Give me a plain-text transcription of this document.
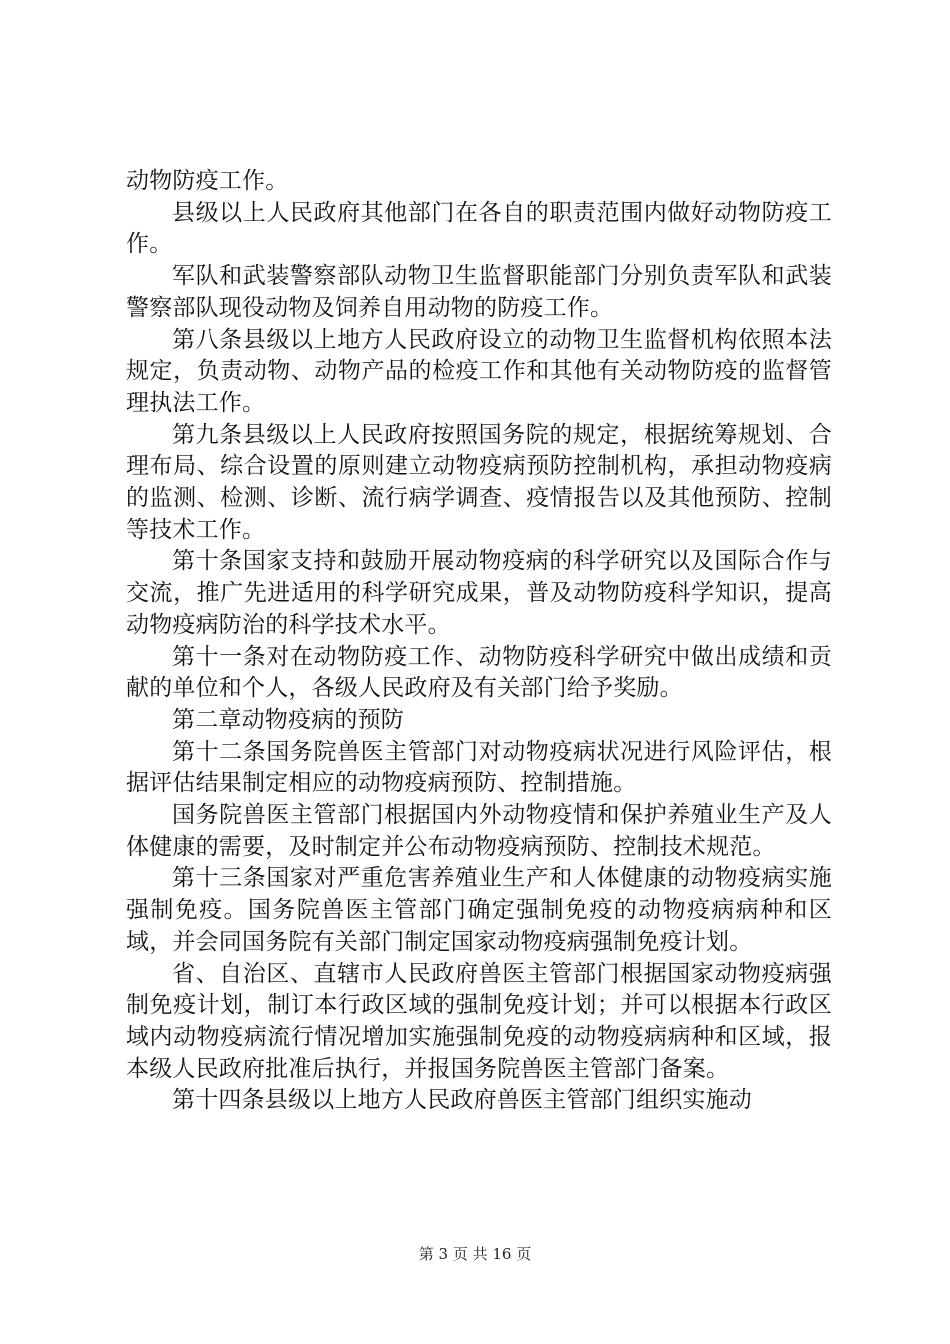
动物防疫工作。

县级以上人民政府其他部门在各自的职责范围内做好动物防疫工作。

军队和武装警察部队动物卫生监督职能部门分别负责军队和武装警察部队现役动物及饲养自用动物的防疫工作。

第八条县级以上地方人民政府设立的动物卫生监督机构依照本法规定，负责动物、动物产品的检疫工作和其他有关动物防疫的监督管理执法工作。

第九条县级以上人民政府按照国务院的规定，根据统筹规划、合理布局、综合设置的原则建立动物疫病预防控制机构，承担动物疫病的监测、检测、诊断、流行病学调查、疫情报告以及其他预防、控制等技术工作。

第十条国家支持和鼓励开展动物疫病的科学研究以及国际合作与交流，推广先进适用的科学研究成果，普及动物防疫科学知识，提高动物疫病防治的科学技术水平。

第十一条对在动物防疫工作、动物防疫科学研究中做出成绩和贡献的单位和个人，各级人民政府及有关部门给予奖励。

第二章动物疫病的预防

第十二条国务院兽医主管部门对动物疫病状况进行风险评估，根据评估结果制定相应的动物疫病预防、控制措施。

国务院兽医主管部门根据国内外动物疫情和保护养殖业生产及人体健康的需要，及时制定并公布动物疫病预防、控制技术规范。

第十三条国家对严重危害养殖业生产和人体健康的动物疫病实施强制免疫。国务院兽医主管部门确定强制免疫的动物疫病病种和区域，并会同国务院有关部门制定国家动物疫病强制免疫计划。

省、自治区、直辖市人民政府兽医主管部门根据国家动物疫病强制免疫计划，制订本行政区域的强制免疫计划；并可以根据本行政区域内动物疫病流行情况增加实施强制免疫的动物疫病病种和区域，报本级人民政府批准后执行，并报国务院兽医主管部门备案。

第十四条县级以上地方人民政府兽医主管部门组织实施动

第 3 页 共 16 页
